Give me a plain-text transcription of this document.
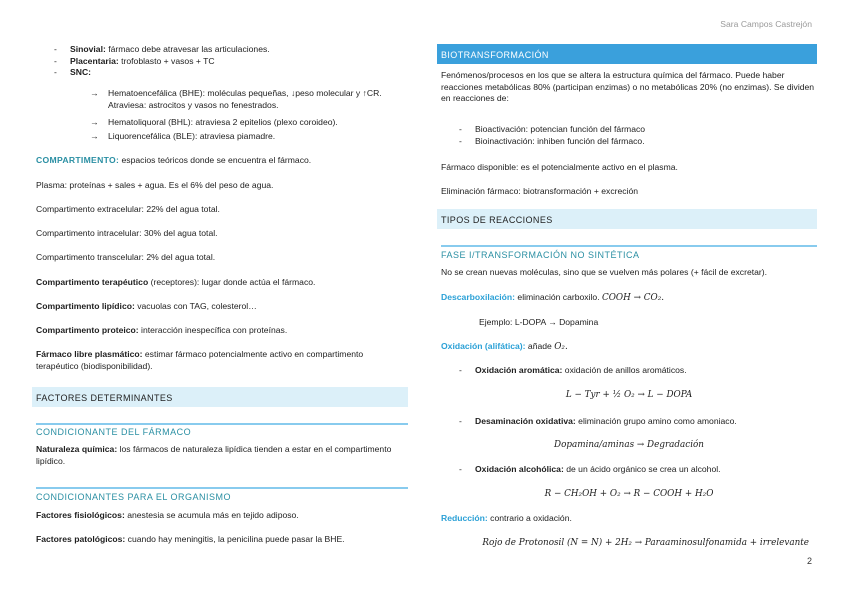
Sara Campos Castrejón
2
- Sinovial: fármaco debe atravesar las articulaciones.
- Placentaria: trofoblasto + vasos + TC
- SNC:
→ Hematoencefálica (BHE): moléculas pequeñas, ↓peso molecular y ↑CR. Atraviesa: astrocitos y vasos no fenestrados.
→ Hematoliquoral (BHL): atraviesa 2 epitelios (plexo coroideo).
→ Liquorencefálica (BLE): atraviesa piamadre.

COMPARTIMENTO: espacios teóricos donde se encuentra el fármaco.

Plasma: proteínas + sales + agua. Es el 6% del peso de agua.

Compartimento extracelular: 22% del agua total.

Compartimento intracelular: 30% del agua total.

Compartimento transcelular: 2% del agua total.

Compartimento terapéutico (receptores): lugar donde actúa el fármaco.

Compartimento lipídico: vacuolas con TAG, colesterol…

Compartimento proteico: interacción inespecífica con proteínas.

Fármaco libre plasmático: estimar fármaco potencialmente activo en compartimento terapéutico (biodisponibilidad).

FACTORES DETERMINANTES
CONDICIONANTE DEL FÁRMACO

Naturaleza química: los fármacos de naturaleza lipídica tienden a estar en el compartimento lipídico.

CONDICIONANTES PARA EL ORGANISMO

Factores fisiológicos: anestesia se acumula más en tejido adiposo.

Factores patológicos: cuando hay meningitis, la penicilina puede pasar la BHE.

BIOTRANSFORMACIÓN

Fenómenos/procesos en los que se altera la estructura química del fármaco. Puede haber reacciones metabólicas 80% (participan enzimas) o no metabólicas 20% (no enzimas). Se dividen en reacciones de:

- Bioactivación: potencian función del fármaco
- Bioinactivación: inhiben función del fármaco.

Fármaco disponible: es el potencialmente activo en el plasma.

Eliminación fármaco: biotransformación + excreción

TIPOS DE REACCIONES
FASE I/TRANSFORMACIÓN NO SINTÉTICA

No se crean nuevas moléculas, sino que se vuelven más polares (+ fácil de excretar).

Descarboxilación: eliminación carboxilo. COOH → CO₂.

Ejemplo: L-DOPA → Dopamina

Oxidación (alifática): añade O₂.

- Oxidación aromática: oxidación de anillos aromáticos.

L − Tyr + ½ O₂ → L − DOPA

- Desaminación oxidativa: eliminación grupo amino como amoniaco.

Dopamina/aminas → Degradación

- Oxidación alcohólica: de un ácido orgánico se crea un alcohol.

R − CH₂OH + O₂ → R − COOH + H₂O

Reducción: contrario a oxidación.

Rojo de Protonosil (N = N) + 2H₂ → Paraaminosulfonamida + irrelevante
